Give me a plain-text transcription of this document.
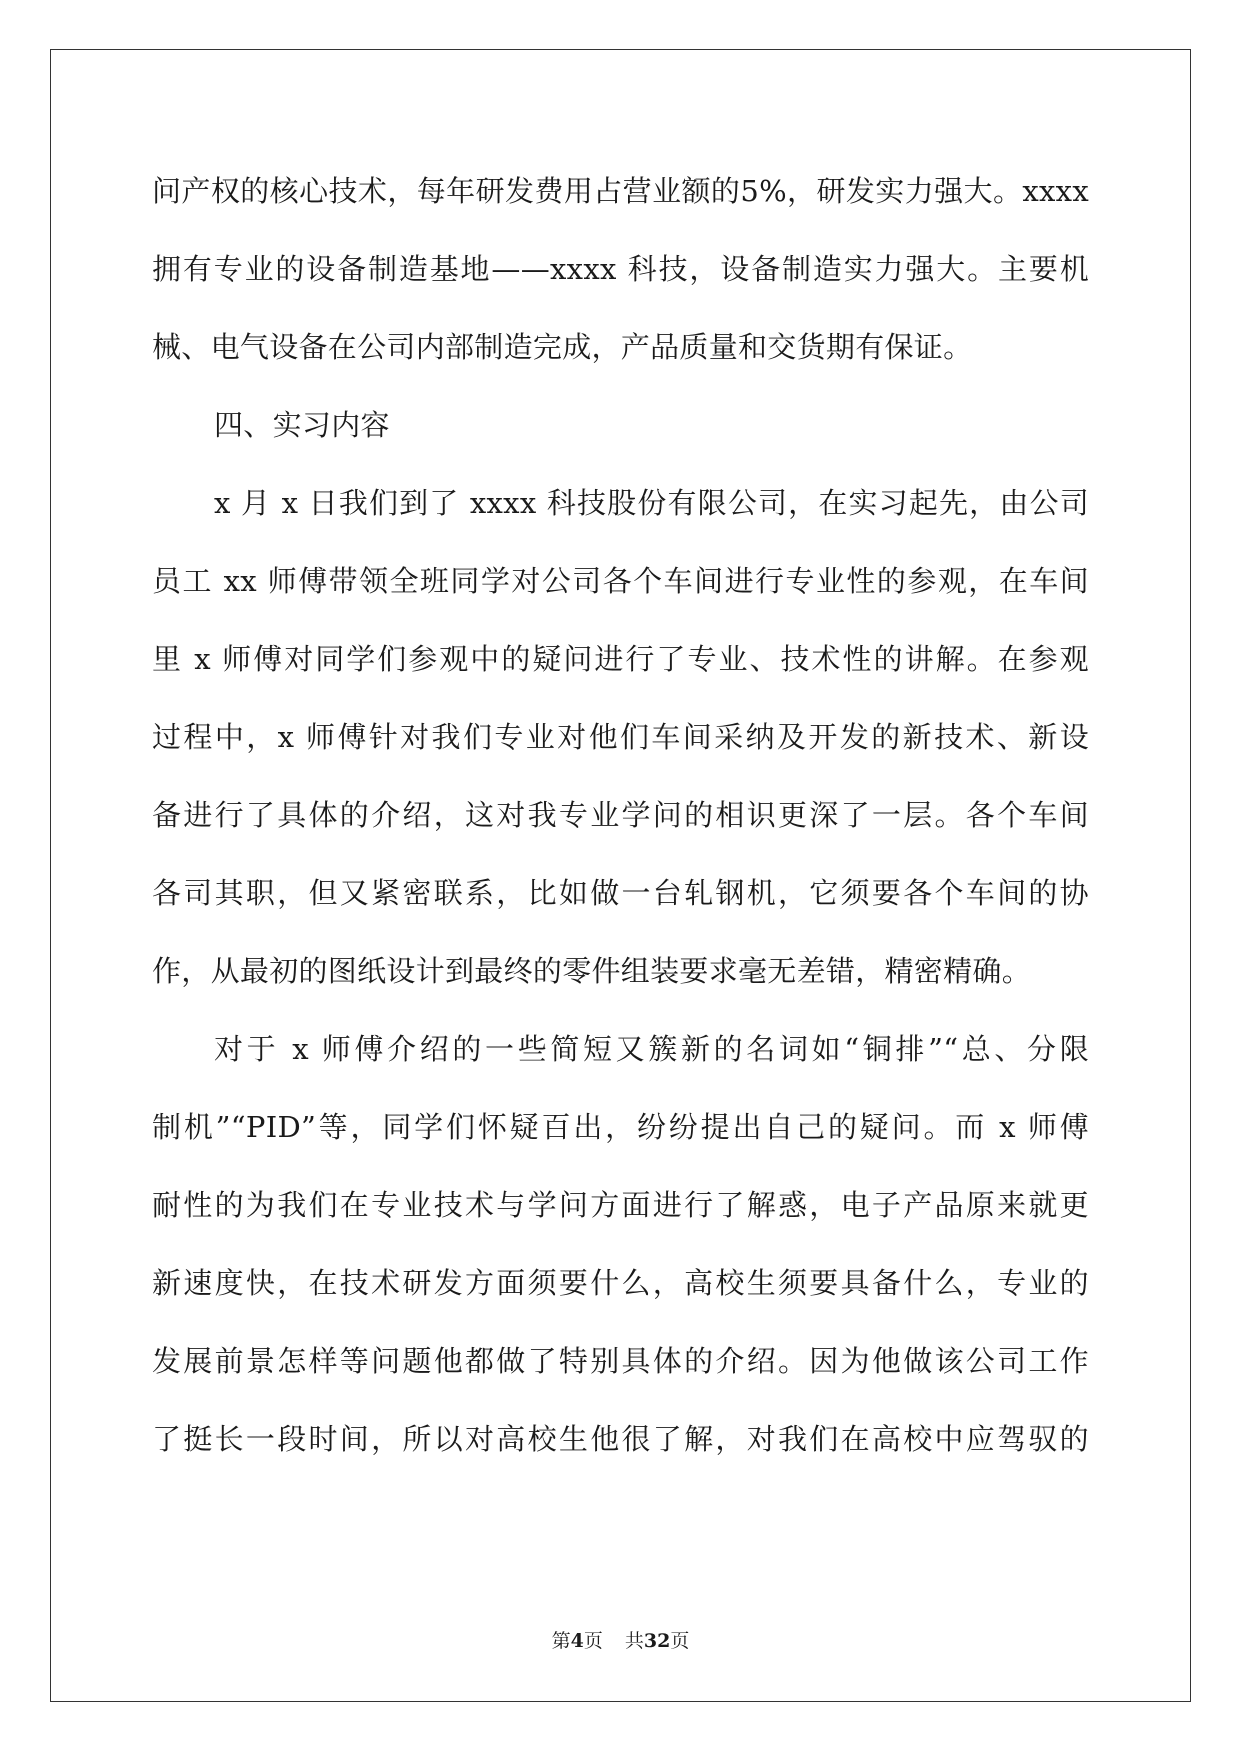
问产权的核心技术，每年研发费用占营业额的5%，研发实力强大。xxxx
拥有专业的设备制造基地——xxxx 科技，设备制造实力强大。主要机
械、电气设备在公司内部制造完成，产品质量和交货期有保证。
四、实习内容
x 月 x 日我们到了 xxxx 科技股份有限公司，在实习起先，由公司
员工 xx 师傅带领全班同学对公司各个车间进行专业性的参观，在车间
里 x 师傅对同学们参观中的疑问进行了专业、技术性的讲解。在参观
过程中，x 师傅针对我们专业对他们车间采纳及开发的新技术、新设
备进行了具体的介绍，这对我专业学问的相识更深了一层。各个车间
各司其职，但又紧密联系，比如做一台轧钢机，它须要各个车间的协
作，从最初的图纸设计到最终的零件组装要求毫无差错，精密精确。
对于 x 师傅介绍的一些简短又簇新的名词如“铜排”“总、分限
制机”“PID”等，同学们怀疑百出，纷纷提出自己的疑问。而 x 师傅
耐性的为我们在专业技术与学问方面进行了解惑，电子产品原来就更
新速度快，在技术研发方面须要什么，高校生须要具备什么，专业的
发展前景怎样等问题他都做了特别具体的介绍。因为他做该公司工作
了挺长一段时间，所以对高校生他很了解，对我们在高校中应驾驭的
第4页 共32页
